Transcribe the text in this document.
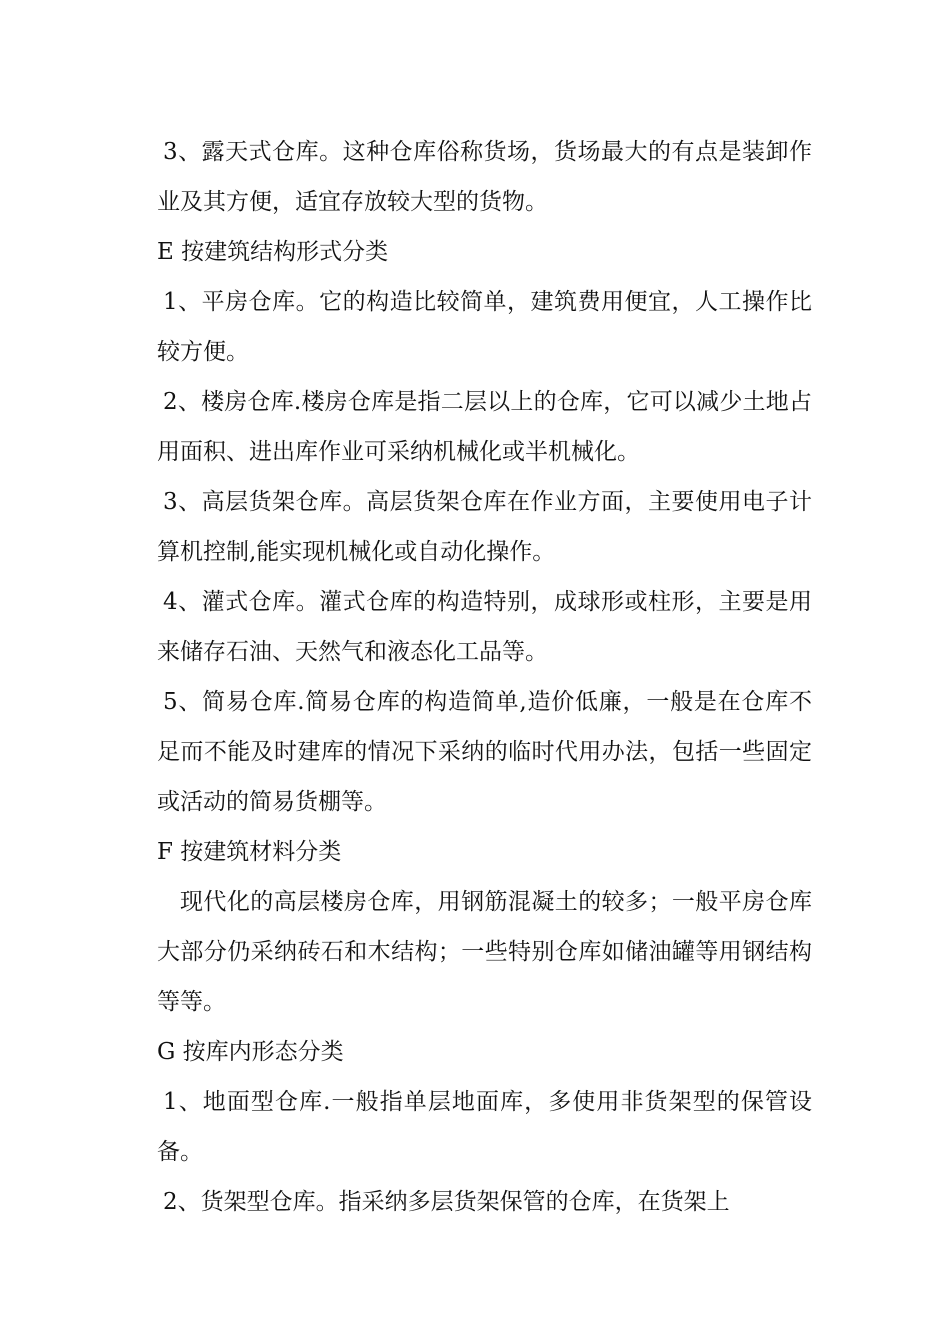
3、露天式仓库。这种仓库俗称货场，货场最大的有点是装卸作业及其方便，适宜存放较大型的货物。

E 按建筑结构形式分类

1、平房仓库。它的构造比较简单，建筑费用便宜，人工操作比较方便。

2、楼房仓库.楼房仓库是指二层以上的仓库，它可以减少土地占用面积、进出库作业可采纳机械化或半机械化。

3、高层货架仓库。高层货架仓库在作业方面，主要使用电子计算机控制,能实现机械化或自动化操作。

4、灌式仓库。灌式仓库的构造特别，成球形或柱形，主要是用来储存石油、天然气和液态化工品等。

5、简易仓库.简易仓库的构造简单,造价低廉，一般是在仓库不足而不能及时建库的情况下采纳的临时代用办法，包括一些固定或活动的简易货棚等。

F 按建筑材料分类

现代化的高层楼房仓库，用钢筋混凝土的较多；一般平房仓库大部分仍采纳砖石和木结构；一些特别仓库如储油罐等用钢结构等等。

G 按库内形态分类

1、地面型仓库.一般指单层地面库，多使用非货架型的保管设备。

2、货架型仓库。指采纳多层货架保管的仓库，在货架上
